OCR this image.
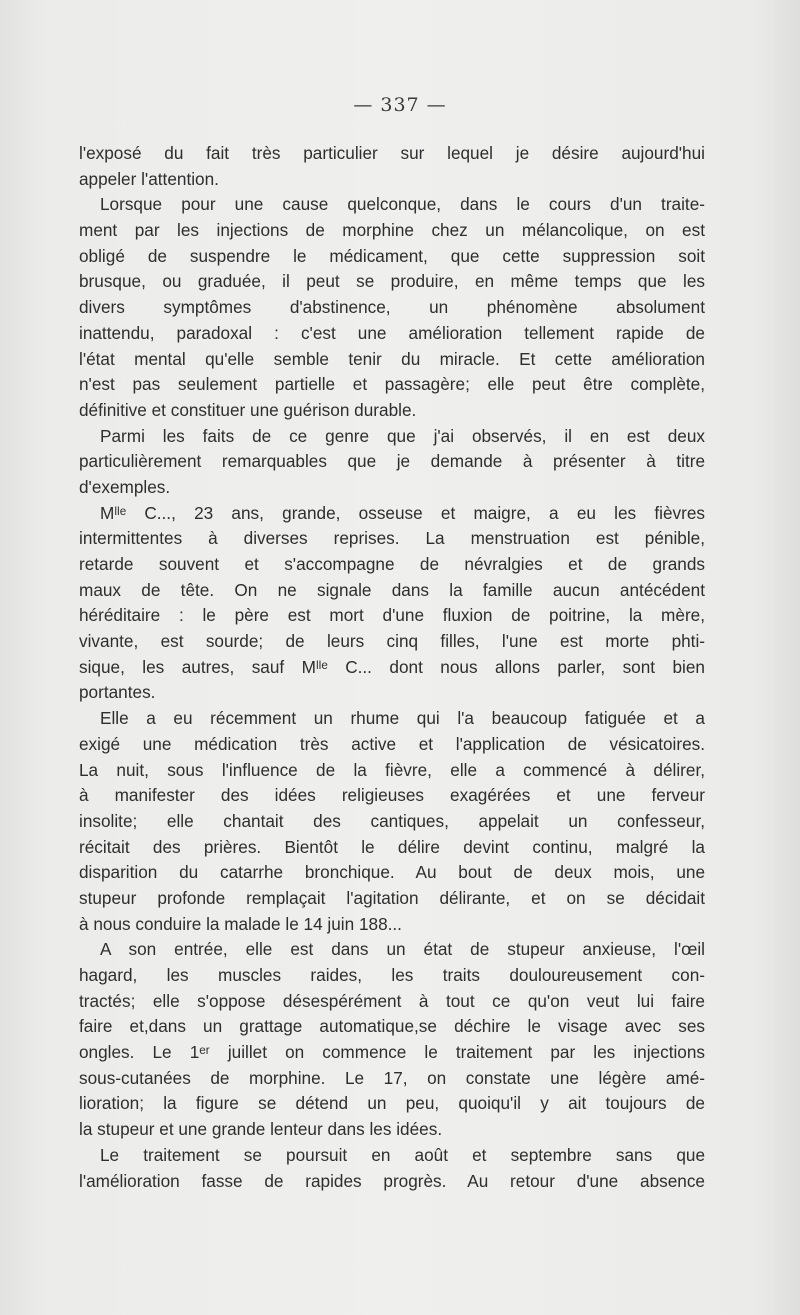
— 337 —
l'exposé du fait très particulier sur lequel je désire aujourd'hui
appeler l'attention.
Lorsque pour une cause quelconque, dans le cours d'un traite-
ment par les injections de morphine chez un mélancolique, on est
obligé de suspendre le médicament, que cette suppression soit
brusque, ou graduée, il peut se produire, en même temps que les
divers symptômes d'abstinence, un phénomène absolument
inattendu, paradoxal : c'est une amélioration tellement rapide de
l'état mental qu'elle semble tenir du miracle. Et cette amélioration
n'est pas seulement partielle et passagère; elle peut être complète,
définitive et constituer une guérison durable.
Parmi les faits de ce genre que j'ai observés, il en est deux
particulièrement remarquables que je demande à présenter à titre
d'exemples.
Mˡˡᵉ C..., 23 ans, grande, osseuse et maigre, a eu les fièvres
intermittentes à diverses reprises. La menstruation est pénible,
retarde souvent et s'accompagne de névralgies et de grands
maux de tête. On ne signale dans la famille aucun antécédent
héréditaire : le père est mort d'une fluxion de poitrine, la mère,
vivante, est sourde; de leurs cinq filles, l'une est morte phti-
sique, les autres, sauf Mˡˡᵉ C... dont nous allons parler, sont bien
portantes.
Elle a eu récemment un rhume qui l'a beaucoup fatiguée et a
exigé une médication très active et l'application de vésicatoires.
La nuit, sous l'influence de la fièvre, elle a commencé à délirer,
à manifester des idées religieuses exagérées et une ferveur
insolite; elle chantait des cantiques, appelait un confesseur,
récitait des prières. Bientôt le délire devint continu, malgré la
disparition du catarrhe bronchique. Au bout de deux mois, une
stupeur profonde remplaçait l'agitation délirante, et on se décidait
à nous conduire la malade le 14 juin 188...
A son entrée, elle est dans un état de stupeur anxieuse, l'œil
hagard, les muscles raides, les traits douloureusement con-
tractés; elle s'oppose désespérément à tout ce qu'on veut lui faire
faire et,dans un grattage automatique,se déchire le visage avec ses
ongles. Le 1ᵉʳ juillet on commence le traitement par les injections
sous-cutanées de morphine. Le 17, on constate une légère amé-
lioration; la figure se détend un peu, quoiqu'il y ait toujours de
la stupeur et une grande lenteur dans les idées.
Le traitement se poursuit en août et septembre sans que
l'amélioration fasse de rapides progrès. Au retour d'une absence
